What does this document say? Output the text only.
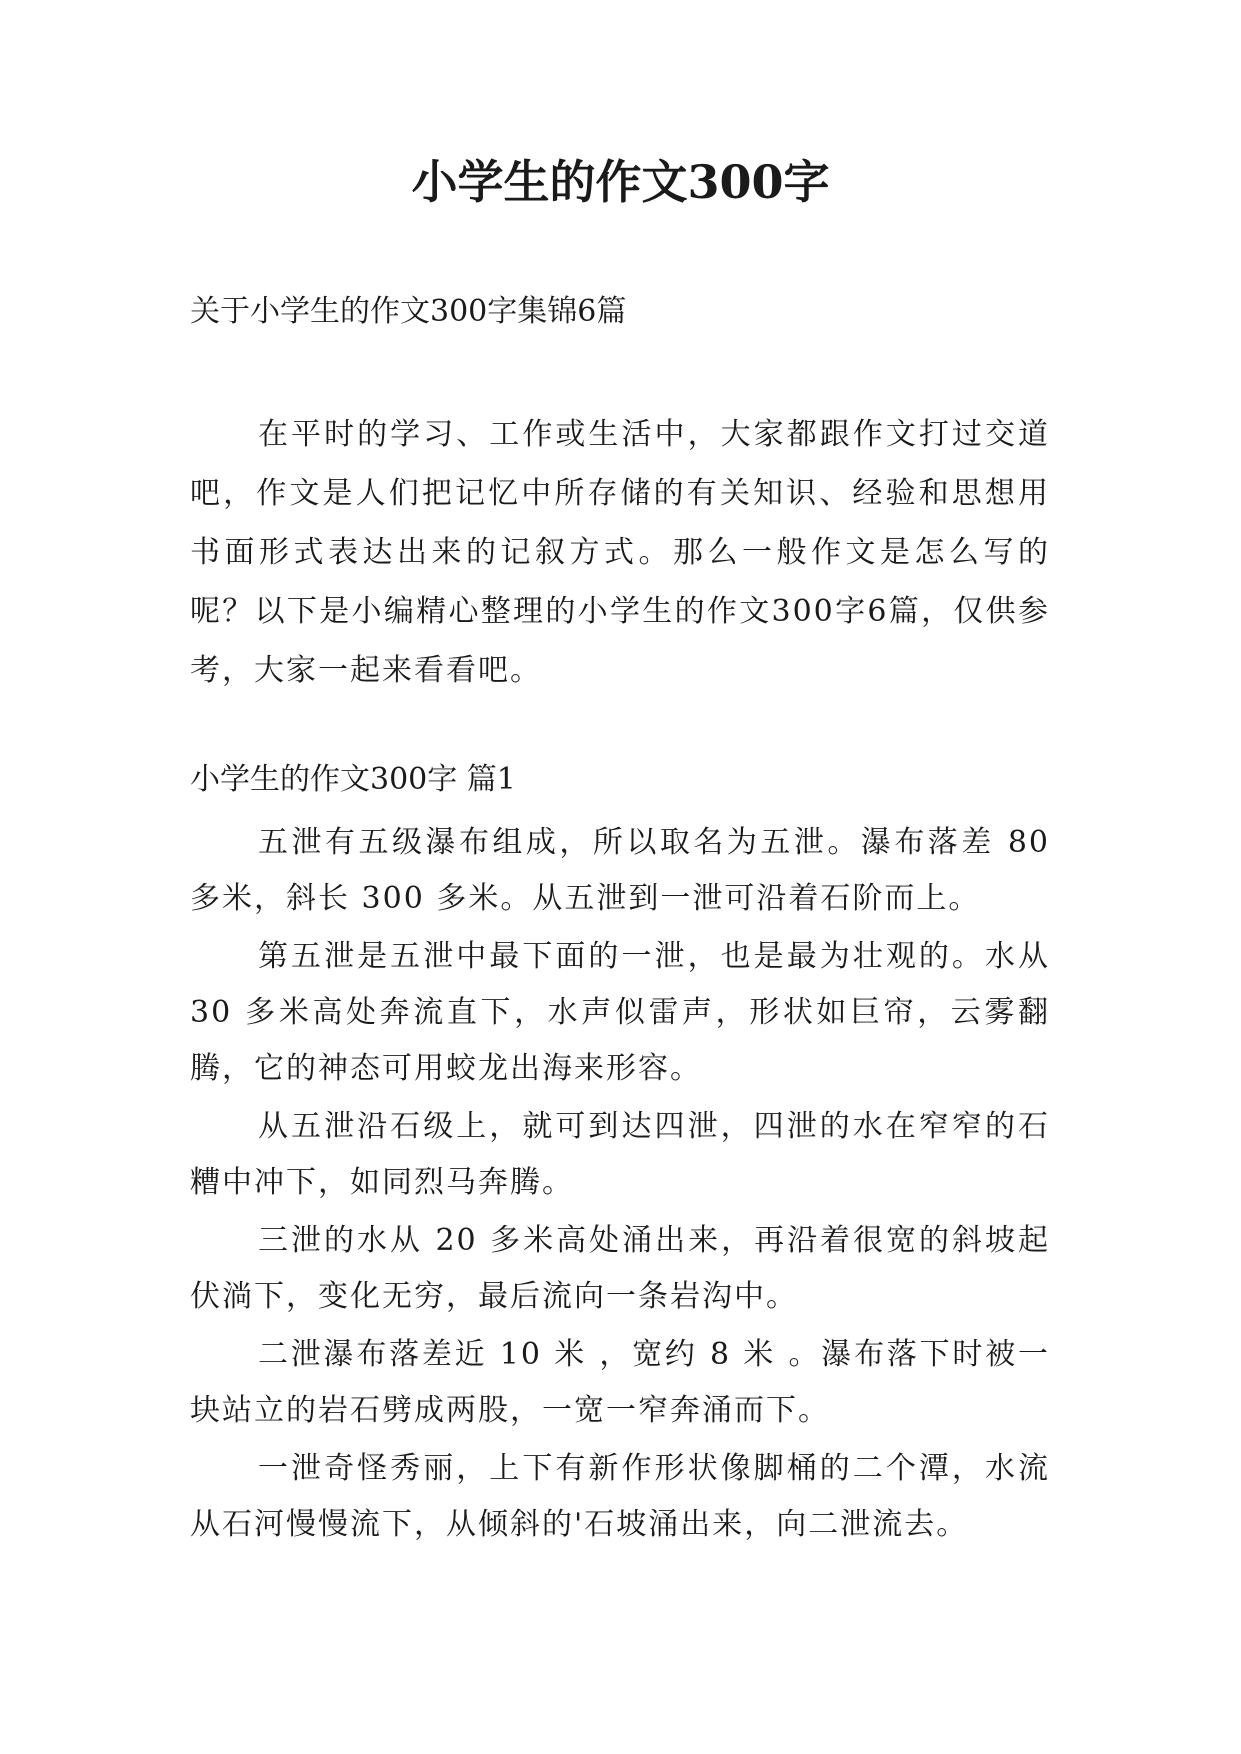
小学生的作文300字
关于小学生的作文300字集锦6篇

在平时的学习、工作或生活中，大家都跟作文打过交道吧，作文是人们把记忆中所存储的有关知识、经验和思想用书面形式表达出来的记叙方式。那么一般作文是怎么写的呢？以下是小编精心整理的小学生的作文300字6篇，仅供参考，大家一起来看看吧。

小学生的作文300字 篇1

五泄有五级瀑布组成，所以取名为五泄。瀑布落差 80 多米，斜长 300 多米。从五泄到一泄可沿着石阶而上。

第五泄是五泄中最下面的一泄，也是最为壮观的。水从 30 多米高处奔流直下，水声似雷声，形状如巨帘，云雾翻腾，它的神态可用蛟龙出海来形容。

从五泄沿石级上，就可到达四泄，四泄的水在窄窄的石糟中冲下，如同烈马奔腾。

三泄的水从 20 多米高处涌出来，再沿着很宽的斜坡起伏淌下，变化无穷，最后流向一条岩沟中。

二泄瀑布落差近 10 米 ，宽约 8 米 。瀑布落下时被一块站立的岩石劈成两股，一宽一窄奔涌而下。

一泄奇怪秀丽，上下有新作形状像脚桶的二个潭，水流从石河慢慢流下，从倾斜的'石坡涌出来，向二泄流去。
